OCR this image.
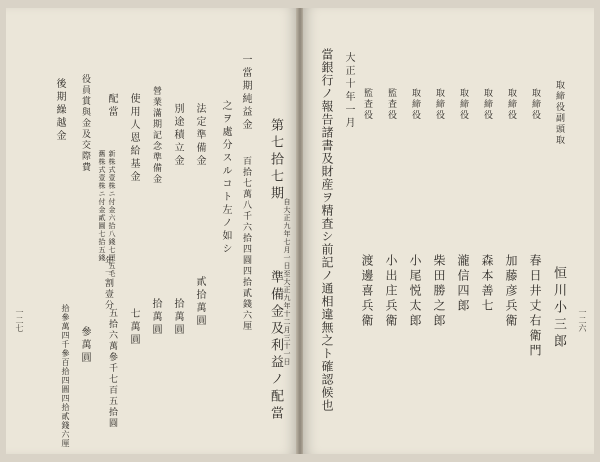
第七拾七期
自大正九年七月一日至大正九年十二月三十一日
準備金及利益ノ配當
一當期純益金
百拾七萬八千六拾四圓四拾貳錢六厘
之ヲ處分スルコト左ノ如シ
法定準備金
貳拾萬圓
別途積立金
拾萬圓
營業滿期記念準備金
拾萬圓
使用人恩給基金
七萬圓
配當
舊株式壹株ニ付金貳圓七拾五錢 新株式壹株ニ付金六拾八錢七厘五毛
年一割壹分
五拾六萬參千七百五拾圓
役員賞與金及交際費
參萬圓
後期繰越金
拾參萬四千參百拾四圓四拾貳錢六厘
一二七	一二六
取締役副頭取
恒川小三郎
取締役
春日井丈右衛門
取締役
加藤彦兵衛
取締役
森本善七
取締役
瀧信四郎
取締役
柴田勝之郎
取締役
小尾悦太郎
監査役
小出庄兵衛
監査役
渡邊喜兵衛
大正十年一月
當銀行ノ報告諸書及財産ヲ精査シ前記ノ通相違無之ト確認候也
